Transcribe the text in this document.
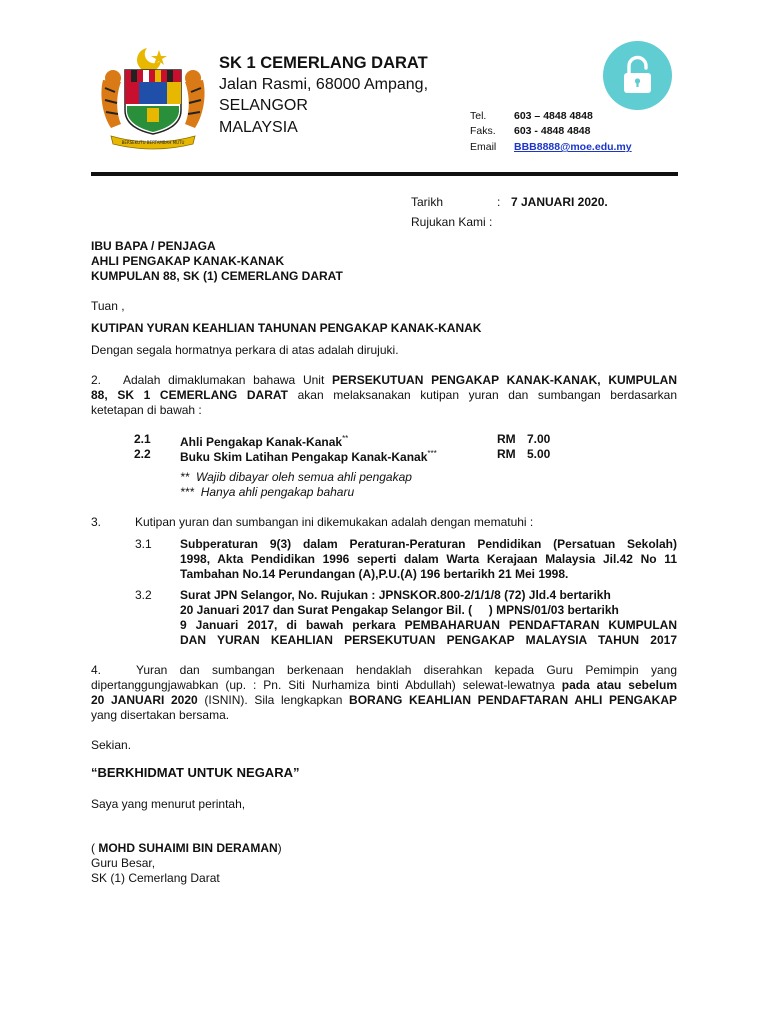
BERSEKUTU BERTAMBAH MUTU
SK 1 CEMERLANG DARAT
Jalan Rasmi, 68000 Ampang,
SELANGOR
MALAYSIA
Tel.	603 – 4848 4848
Faks. 603 - 4848 4848
Email BBB8888@moe.edu.my
Tarikh	: 7 JANUARI 2020.
Rujukan Kami :
IBU BAPA / PENJAGA
AHLI PENGAKAP KANAK-KANAK
KUMPULAN 88, SK (1) CEMERLANG DARAT
Tuan ,
KUTIPAN YURAN KEAHLIAN TAHUNAN PENGAKAP KANAK-KANAK
Dengan segala hormatnya perkara di atas adalah dirujuki.
2. Adalah dimaklumakan bahawa Unit PERSEKUTUAN PENGAKAP KANAK-KANAK, KUMPULAN
88, SK 1 CEMERLANG DARAT akan melaksanakan kutipan yuran dan sumbangan berdasarkan
ketetapan di bawah :
2.1 Ahli Pengakap Kanak-Kanak**	RM 7.00
2.2 Buku Skim Latihan Pengakap Kanak-Kanak***	RM 5.00
** Wajib dibayar oleh semua ahli pengakap
*** Hanya ahli pengakap baharu
3.	Kutipan yuran dan sumbangan ini dikemukakan adalah dengan mematuhi :
3.1 Subperaturan 9(3) dalam Peraturan-Peraturan Pendidikan (Persatuan Sekolah)
1998, Akta Pendidikan 1996 seperti dalam Warta Kerajaan Malaysia Jil.42 No 11
Tambahan No.14 Perundangan (A),P.U.(A) 196 bertarikh 21 Mei 1998.
3.2 Surat JPN Selangor, No. Rujukan : JPNSKOR.800-2/1/1/8 (72) Jld.4 bertarikh
20 Januari 2017 dan Surat Pengakap Selangor Bil. (     ) MPNS/01/03 bertarikh
9 Januari 2017, di bawah perkara PEMBAHARUAN PENDAFTARAN KUMPULAN
DAN YURAN KEAHLIAN PERSEKUTUAN PENGAKAP MALAYSIA TAHUN 2017
4.	Yuran dan sumbangan berkenaan hendaklah diserahkan kepada Guru Pemimpin yang
dipertanggungjawabkan (up. : Pn. Siti Nurhamiza binti Abdullah) selewat-lewatnya pada atau sebelum
20 JANUARI 2020 (ISNIN). Sila lengkapkan BORANG KEAHLIAN PENDAFTARAN AHLI PENGAKAP
yang disertakan bersama.
Sekian.
“BERKHIDMAT UNTUK NEGARA”
Saya yang menurut perintah,
( MOHD SUHAIMI BIN DERAMAN)
Guru Besar,
SK (1) Cemerlang Darat
